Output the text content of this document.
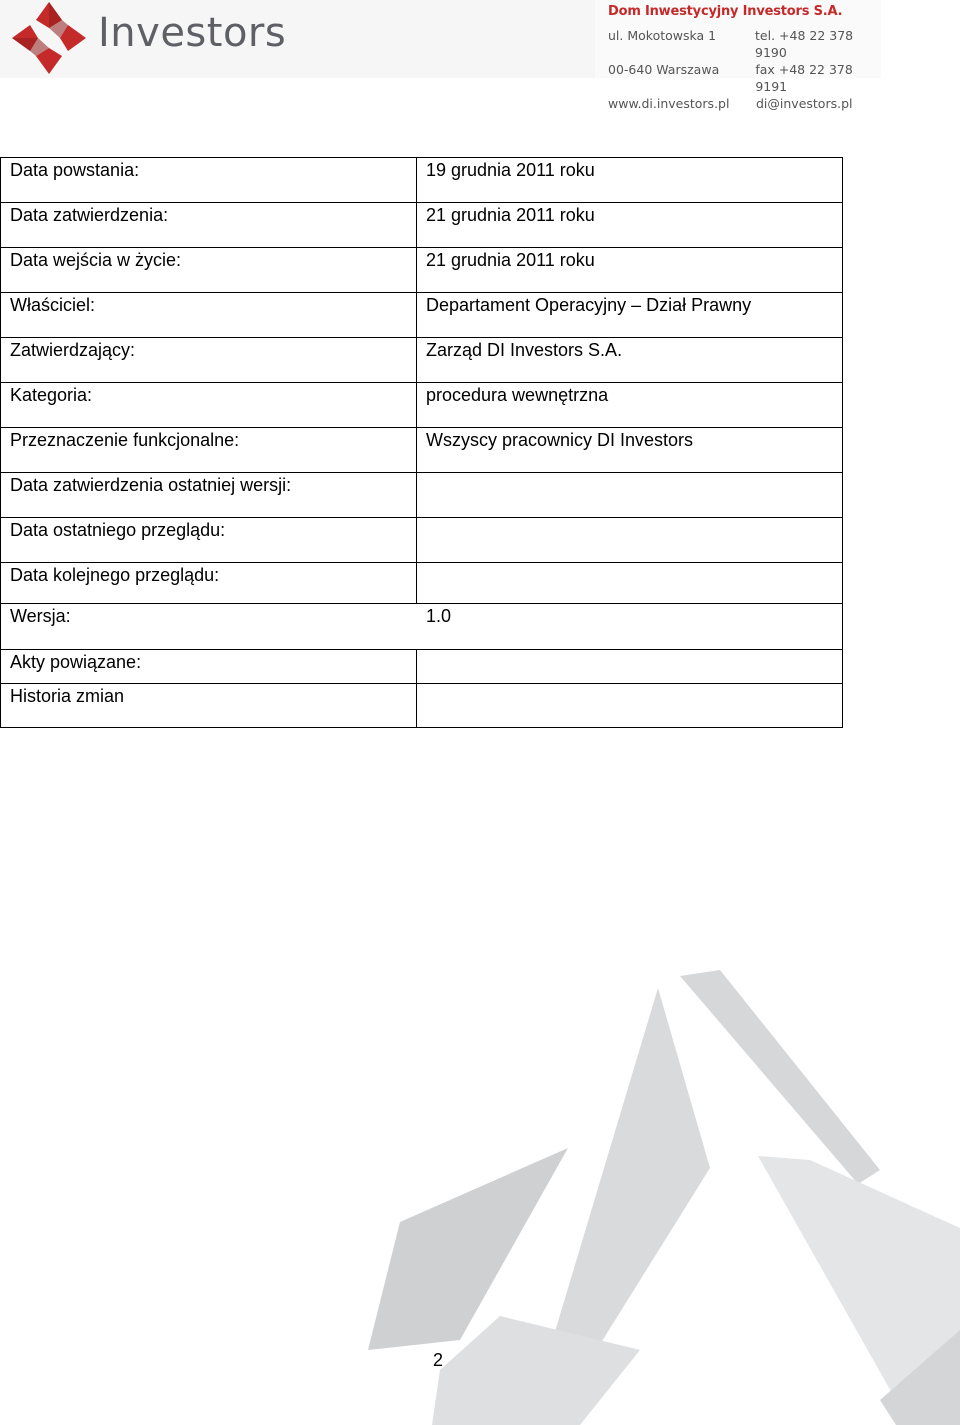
Investors	Dom Inwestycyjny Investors S.A.
ul. Mokotowska 1	tel. +48 22 378 9190
00-640 Warszawa	fax +48 22 378 9191
www.di.investors.pl	di@investors.pl
Data powstania:	19 grudnia 2011 roku
Data zatwierdzenia:	21 grudnia 2011 roku
Data wejścia w życie:	21 grudnia 2011 roku
Właściciel:	Departament Operacyjny – Dział Prawny
Zatwierdzający:	Zarząd DI Investors S.A.
Kategoria:	procedura wewnętrzna
Przeznaczenie funkcjonalne:	Wszyscy pracownicy DI Investors
Data zatwierdzenia ostatniej wersji:
Data ostatniego przeglądu:
Data kolejnego przeglądu:
Wersja:	1.0
Akty powiązane:
Historia zmian
2
